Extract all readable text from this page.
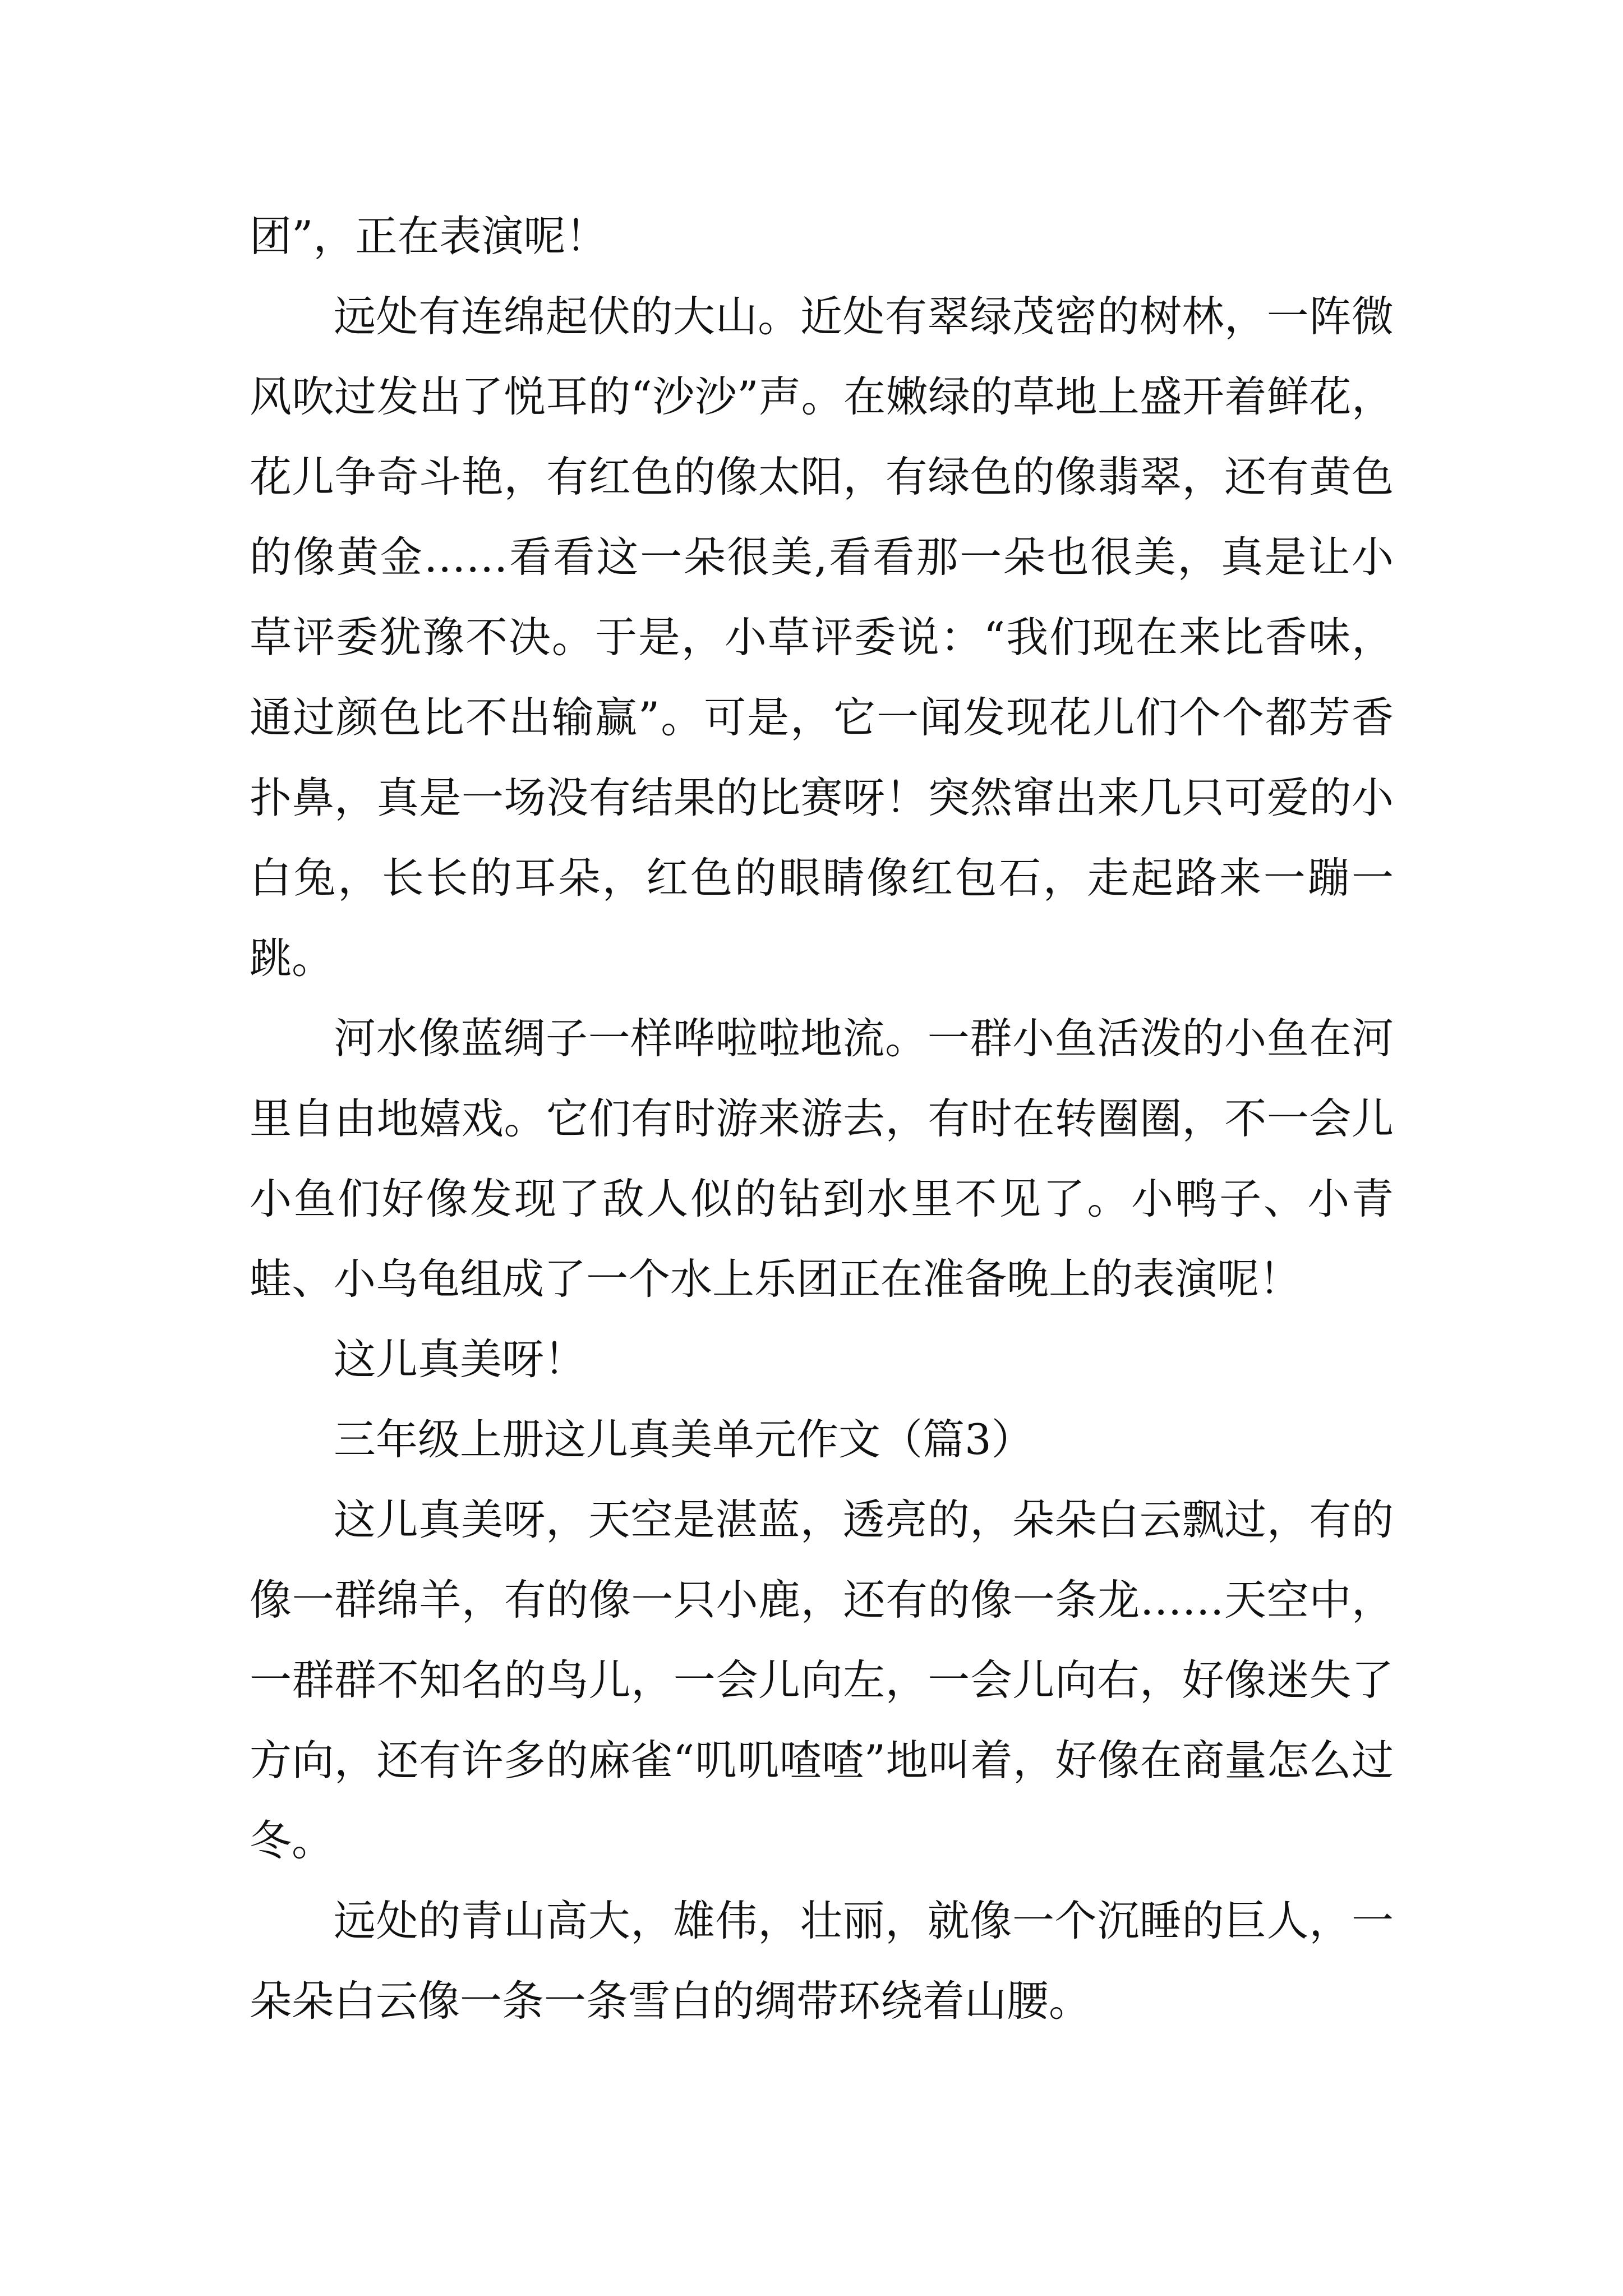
团”，正在表演呢！

远处有连绵起伏的大山。近处有翠绿茂密的树林，一阵微风吹过发出了悦耳的“沙沙”声。在嫩绿的草地上盛开着鲜花，花儿争奇斗艳，有红色的像太阳，有绿色的像翡翠，还有黄色的像黄金……看看这一朵很美,看看那一朵也很美，真是让小草评委犹豫不决。于是，小草评委说：“我们现在来比香味，通过颜色比不出输赢”。可是，它一闻发现花儿们个个都芳香扑鼻，真是一场没有结果的比赛呀！突然窜出来几只可爱的小白兔，长长的耳朵，红色的眼睛像红包石，走起路来一蹦一跳。

河水像蓝绸子一样哗啦啦地流。一群小鱼活泼的小鱼在河里自由地嬉戏。它们有时游来游去，有时在转圈圈，不一会儿小鱼们好像发现了敌人似的钻到水里不见了。小鸭子、小青蛙、小乌龟组成了一个水上乐团正在准备晚上的表演呢！

这儿真美呀！

三年级上册这儿真美单元作文（篇3）

这儿真美呀，天空是湛蓝，透亮的，朵朵白云飘过，有的像一群绵羊，有的像一只小鹿，还有的像一条龙……天空中，一群群不知名的鸟儿，一会儿向左，一会儿向右，好像迷失了方向，还有许多的麻雀“叽叽喳喳”地叫着，好像在商量怎么过冬。

远处的青山高大，雄伟，壮丽，就像一个沉睡的巨人，一朵朵白云像一条一条雪白的绸带环绕着山腰。
